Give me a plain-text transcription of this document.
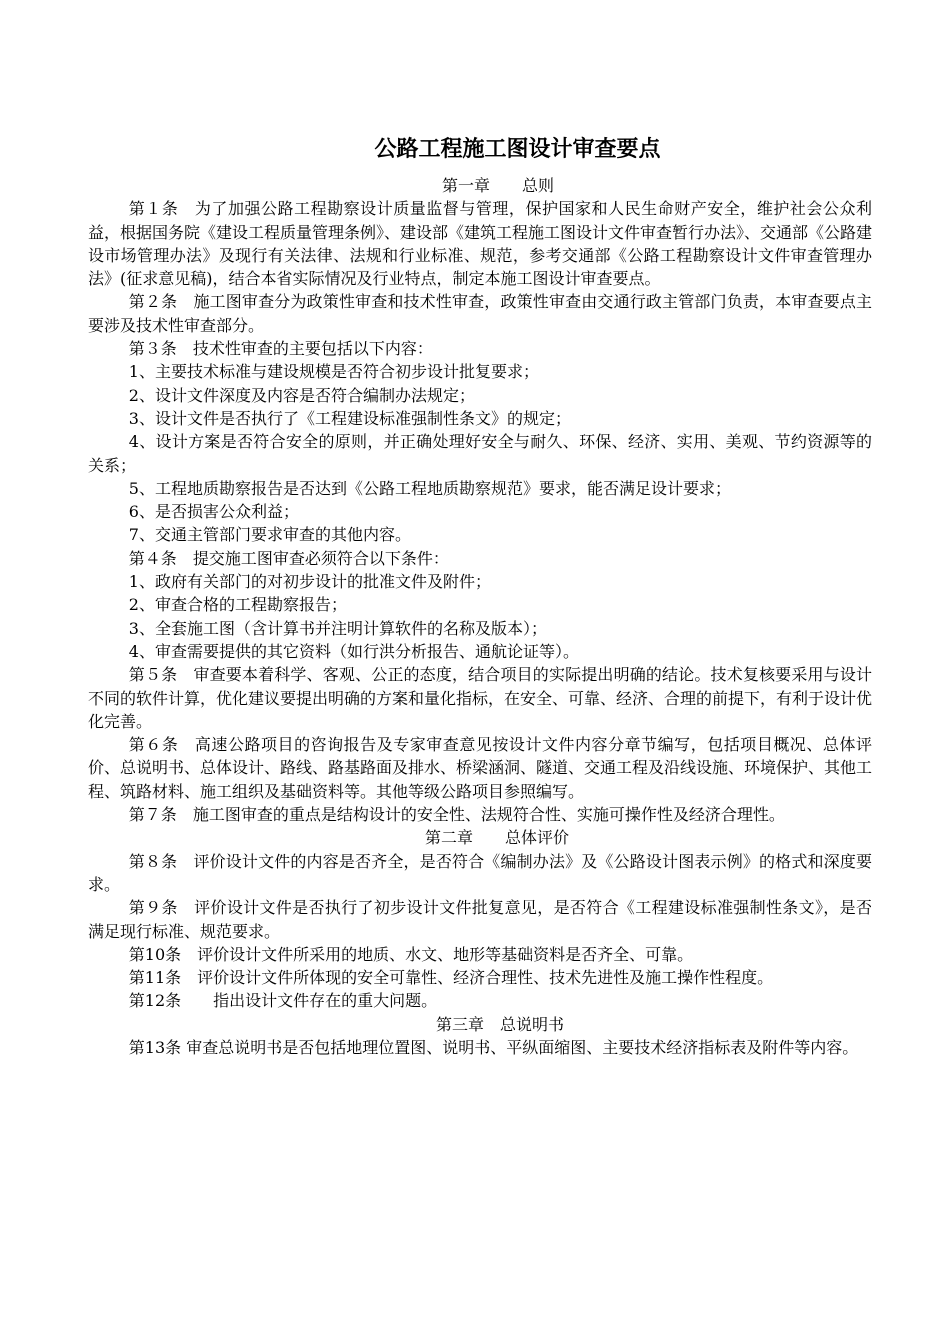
公路工程施工图设计审查要点
第一章　　总则

第１条　为了加强公路工程勘察设计质量监督与管理，保护国家和人民生命财产安全，维护社会公众利益，根据国务院《建设工程质量管理条例》、建设部《建筑工程施工图设计文件审查暂行办法》、交通部《公路建设市场管理办法》及现行有关法律、法规和行业标准、规范，参考交通部《公路工程勘察设计文件审查管理办法》(征求意见稿)，结合本省实际情况及行业特点，制定本施工图设计审查要点。

第２条　施工图审查分为政策性审查和技术性审查，政策性审查由交通行政主管部门负责，本审查要点主要涉及技术性审查部分。

第３条　技术性审查的主要包括以下内容：

1、主要技术标准与建设规模是否符合初步设计批复要求；

2、设计文件深度及内容是否符合编制办法规定；

3、设计文件是否执行了《工程建设标准强制性条文》的规定；

4、设计方案是否符合安全的原则，并正确处理好安全与耐久、环保、经济、实用、美观、节约资源等的关系；

5、工程地质勘察报告是否达到《公路工程地质勘察规范》要求，能否满足设计要求；

6、是否损害公众利益；

7、交通主管部门要求审查的其他内容。

第４条　提交施工图审查必须符合以下条件：

1、政府有关部门的对初步设计的批准文件及附件；

2、审查合格的工程勘察报告；

3、全套施工图（含计算书并注明计算软件的名称及版本）；

4、审查需要提供的其它资料（如行洪分析报告、通航论证等）。

第５条　审查要本着科学、客观、公正的态度，结合项目的实际提出明确的结论。技术复核要采用与设计不同的软件计算，优化建议要提出明确的方案和量化指标，在安全、可靠、经济、合理的前提下，有利于设计优化完善。

第６条　高速公路项目的咨询报告及专家审查意见按设计文件内容分章节编写，包括项目概况、总体评价、总说明书、总体设计、路线、路基路面及排水、桥梁涵洞、隧道、交通工程及沿线设施、环境保护、其他工程、筑路材料、施工组织及基础资料等。其他等级公路项目参照编写。

第７条　施工图审查的重点是结构设计的安全性、法规符合性、实施可操作性及经济合理性。

第二章　　总体评价

第８条　评价设计文件的内容是否齐全，是否符合《编制办法》及《公路设计图表示例》的格式和深度要求。

第９条　评价设计文件是否执行了初步设计文件批复意见，是否符合《工程建设标准强制性条文》，是否满足现行标准、规范要求。

第10条　评价设计文件所采用的地质、水文、地形等基础资料是否齐全、可靠。

第11条　评价设计文件所体现的安全可靠性、经济合理性、技术先进性及施工操作性程度。

第12条　　指出设计文件存在的重大问题。

第三章　总说明书

第13条 审查总说明书是否包括地理位置图、说明书、平纵面缩图、主要技术经济指标表及附件等内容。
